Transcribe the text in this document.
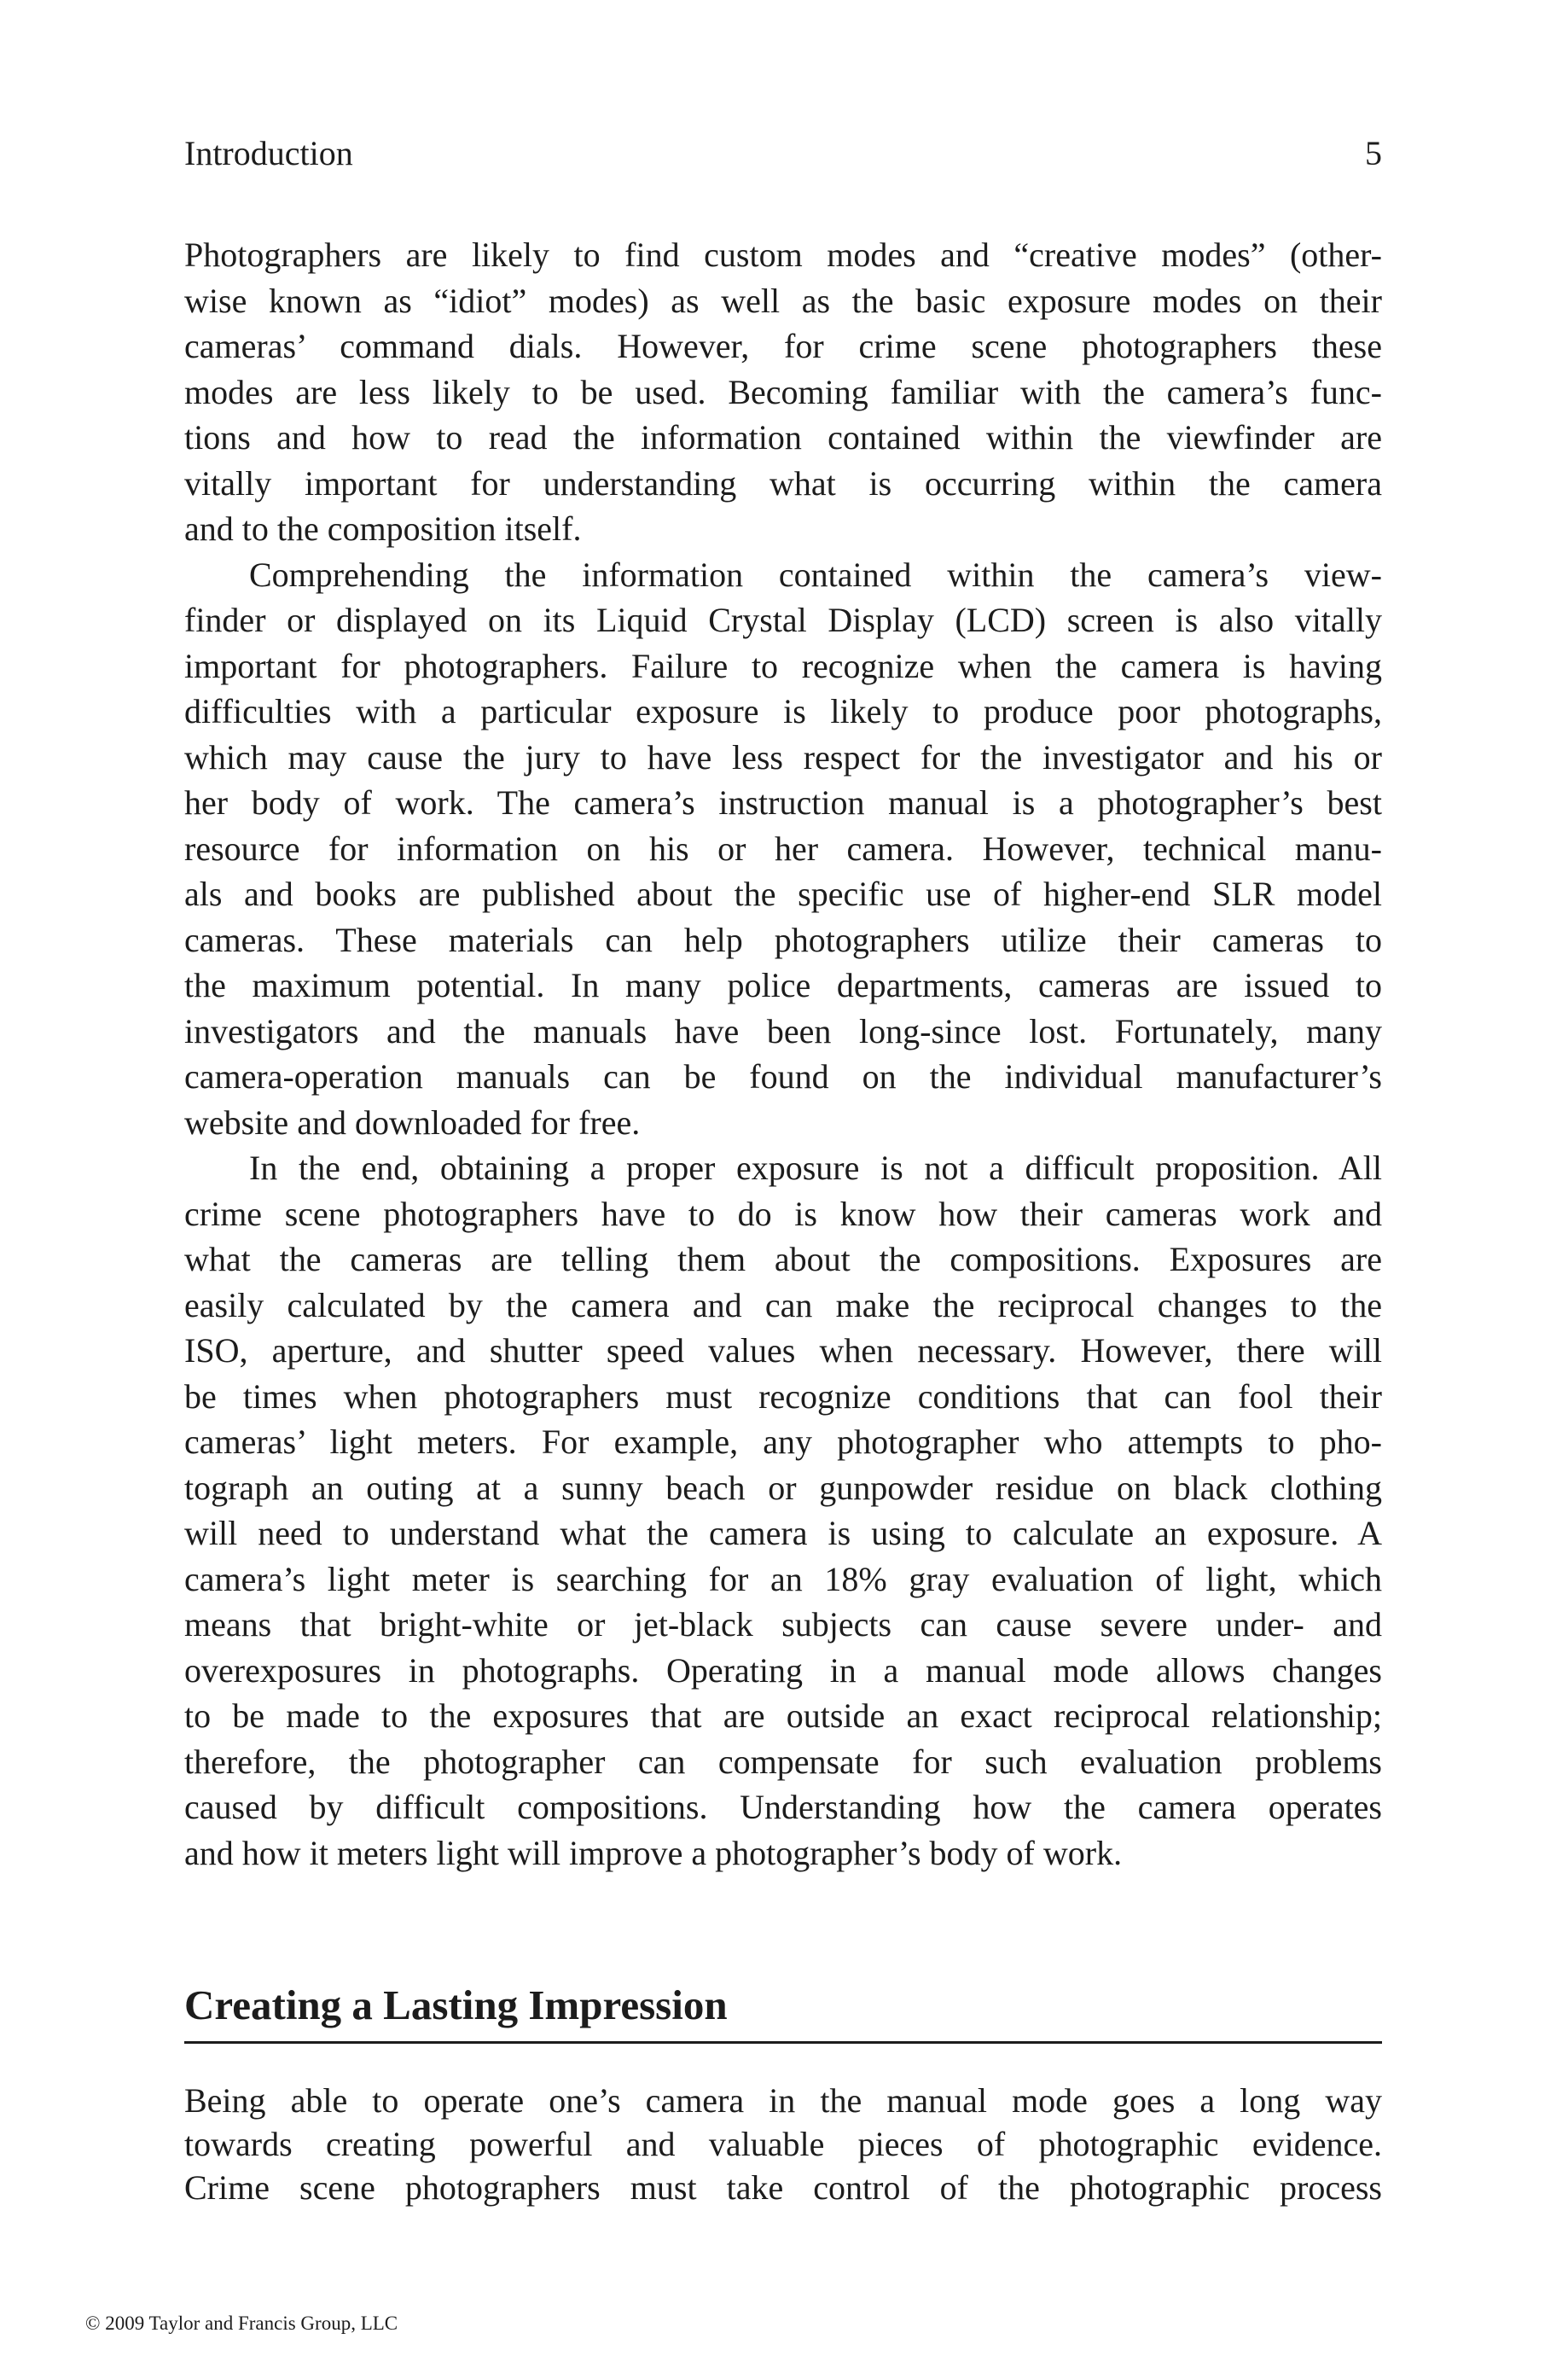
Introduction	5
Photographers are likely to find custom modes and “creative modes” (other-
wise known as “idiot” modes) as well as the basic exposure modes on their
cameras’ command dials. However, for crime scene photographers these
modes are less likely to be used. Becoming familiar with the camera’s func-
tions and how to read the information contained within the viewfinder are
vitally important for understanding what is occurring within the camera
and to the composition itself.
Comprehending the information contained within the camera’s view-
finder or displayed on its Liquid Crystal Display (LCD) screen is also vitally
important for photographers. Failure to recognize when the camera is having
difficulties with a particular exposure is likely to produce poor photographs,
which may cause the jury to have less respect for the investigator and his or
her body of work. The camera’s instruction manual is a photographer’s best
resource for information on his or her camera. However, technical manu-
als and books are published about the specific use of higher-end SLR model
cameras. These materials can help photographers utilize their cameras to
the maximum potential. In many police departments, cameras are issued to
investigators and the manuals have been long-since lost. Fortunately, many
camera-operation manuals can be found on the individual manufacturer’s
website and downloaded for free.
In the end, obtaining a proper exposure is not a difficult proposition. All
crime scene photographers have to do is know how their cameras work and
what the cameras are telling them about the compositions. Exposures are
easily calculated by the camera and can make the reciprocal changes to the
ISO, aperture, and shutter speed values when necessary. However, there will
be times when photographers must recognize conditions that can fool their
cameras’ light meters. For example, any photographer who attempts to pho-
tograph an outing at a sunny beach or gunpowder residue on black clothing
will need to understand what the camera is using to calculate an exposure. A
camera’s light meter is searching for an 18% gray evaluation of light, which
means that bright-white or jet-black subjects can cause severe under- and
overexposures in photographs. Operating in a manual mode allows changes
to be made to the exposures that are outside an exact reciprocal relationship;
therefore, the photographer can compensate for such evaluation problems
caused by difficult compositions. Understanding how the camera operates
and how it meters light will improve a photographer’s body of work.
Creating a Lasting Impression
Being able to operate one’s camera in the manual mode goes a long way
towards creating powerful and valuable pieces of photographic evidence.
Crime scene photographers must take control of the photographic process
© 2009 Taylor and Francis Group, LLC
